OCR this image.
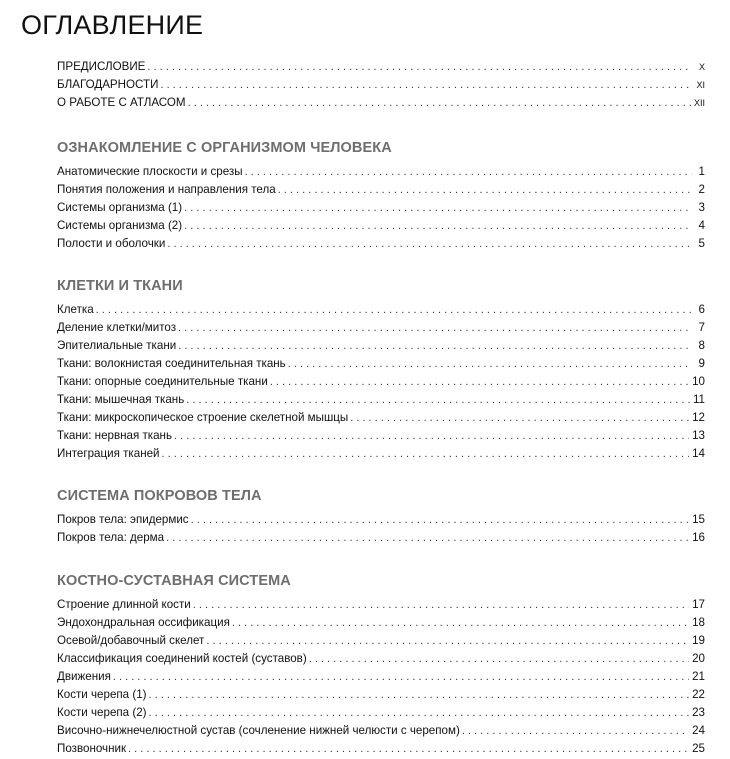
ОГЛАВЛЕНИЕ
ПРЕДИСЛОВИЕ . . .	X
БЛАГОДАРНОСТИ . . .	XI
О РАБОТЕ С АТЛАСОМ . . .	XII
ОЗНАКОМЛЕНИЕ С ОРГАНИЗМОМ ЧЕЛОВЕКА
Анатомические плоскости и срезы . . .	1
Понятия положения и направления тела . . .	2
Системы организма (1) . . .	3
Системы организма (2) . . .	4
Полости и оболочки . . .	5
КЛЕТКИ И ТКАНИ
Клетка . . .	6
Деление клетки/митоз . . .	7
Эпителиальные ткани . . .	8
Ткани: волокнистая соединительная ткань . . .	9
Ткани: опорные соединительные ткани . . .	10
Ткани: мышечная ткань . . .	11
Ткани: микроскопическое строение скелетной мышцы . . .	12
Ткани: нервная ткань . . .	13
Интеграция тканей . . .	14
СИСТЕМА ПОКРОВОВ ТЕЛА
Покров тела: эпидермис . . .	15
Покров тела: дерма . . .	16
КОСТНО-СУСТАВНАЯ СИСТЕМА
Строение длинной кости . . .	17
Эндохондральная оссификация . . .	18
Осевой/добавочный скелет . . .	19
Классификация соединений костей (суставов) . . .	20
Движения . . .	21
Кости черепа (1) . . .	22
Кости черепа (2) . . .	23
Височно-нижнечелюстной сустав (сочленение нижней челюсти с черепом) . . .	24
Позвоночник . . .	25
